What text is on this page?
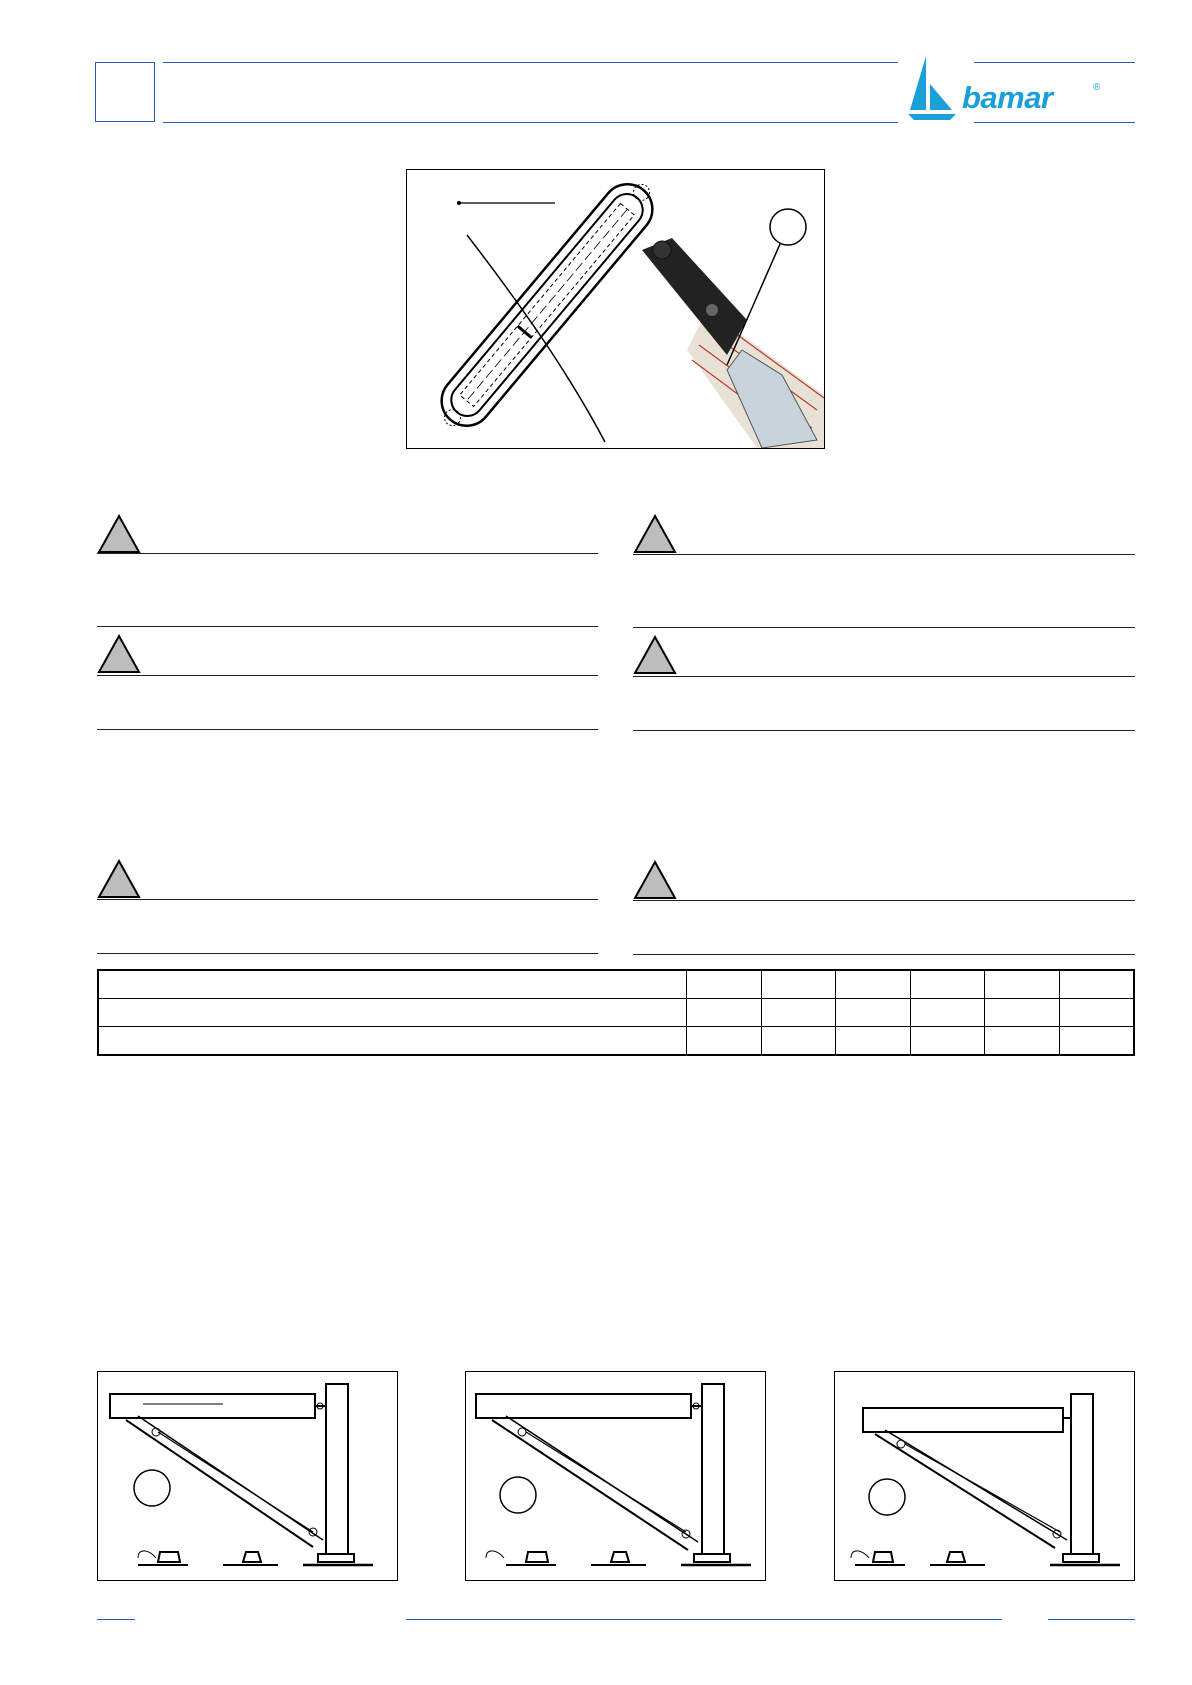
bamar	®
